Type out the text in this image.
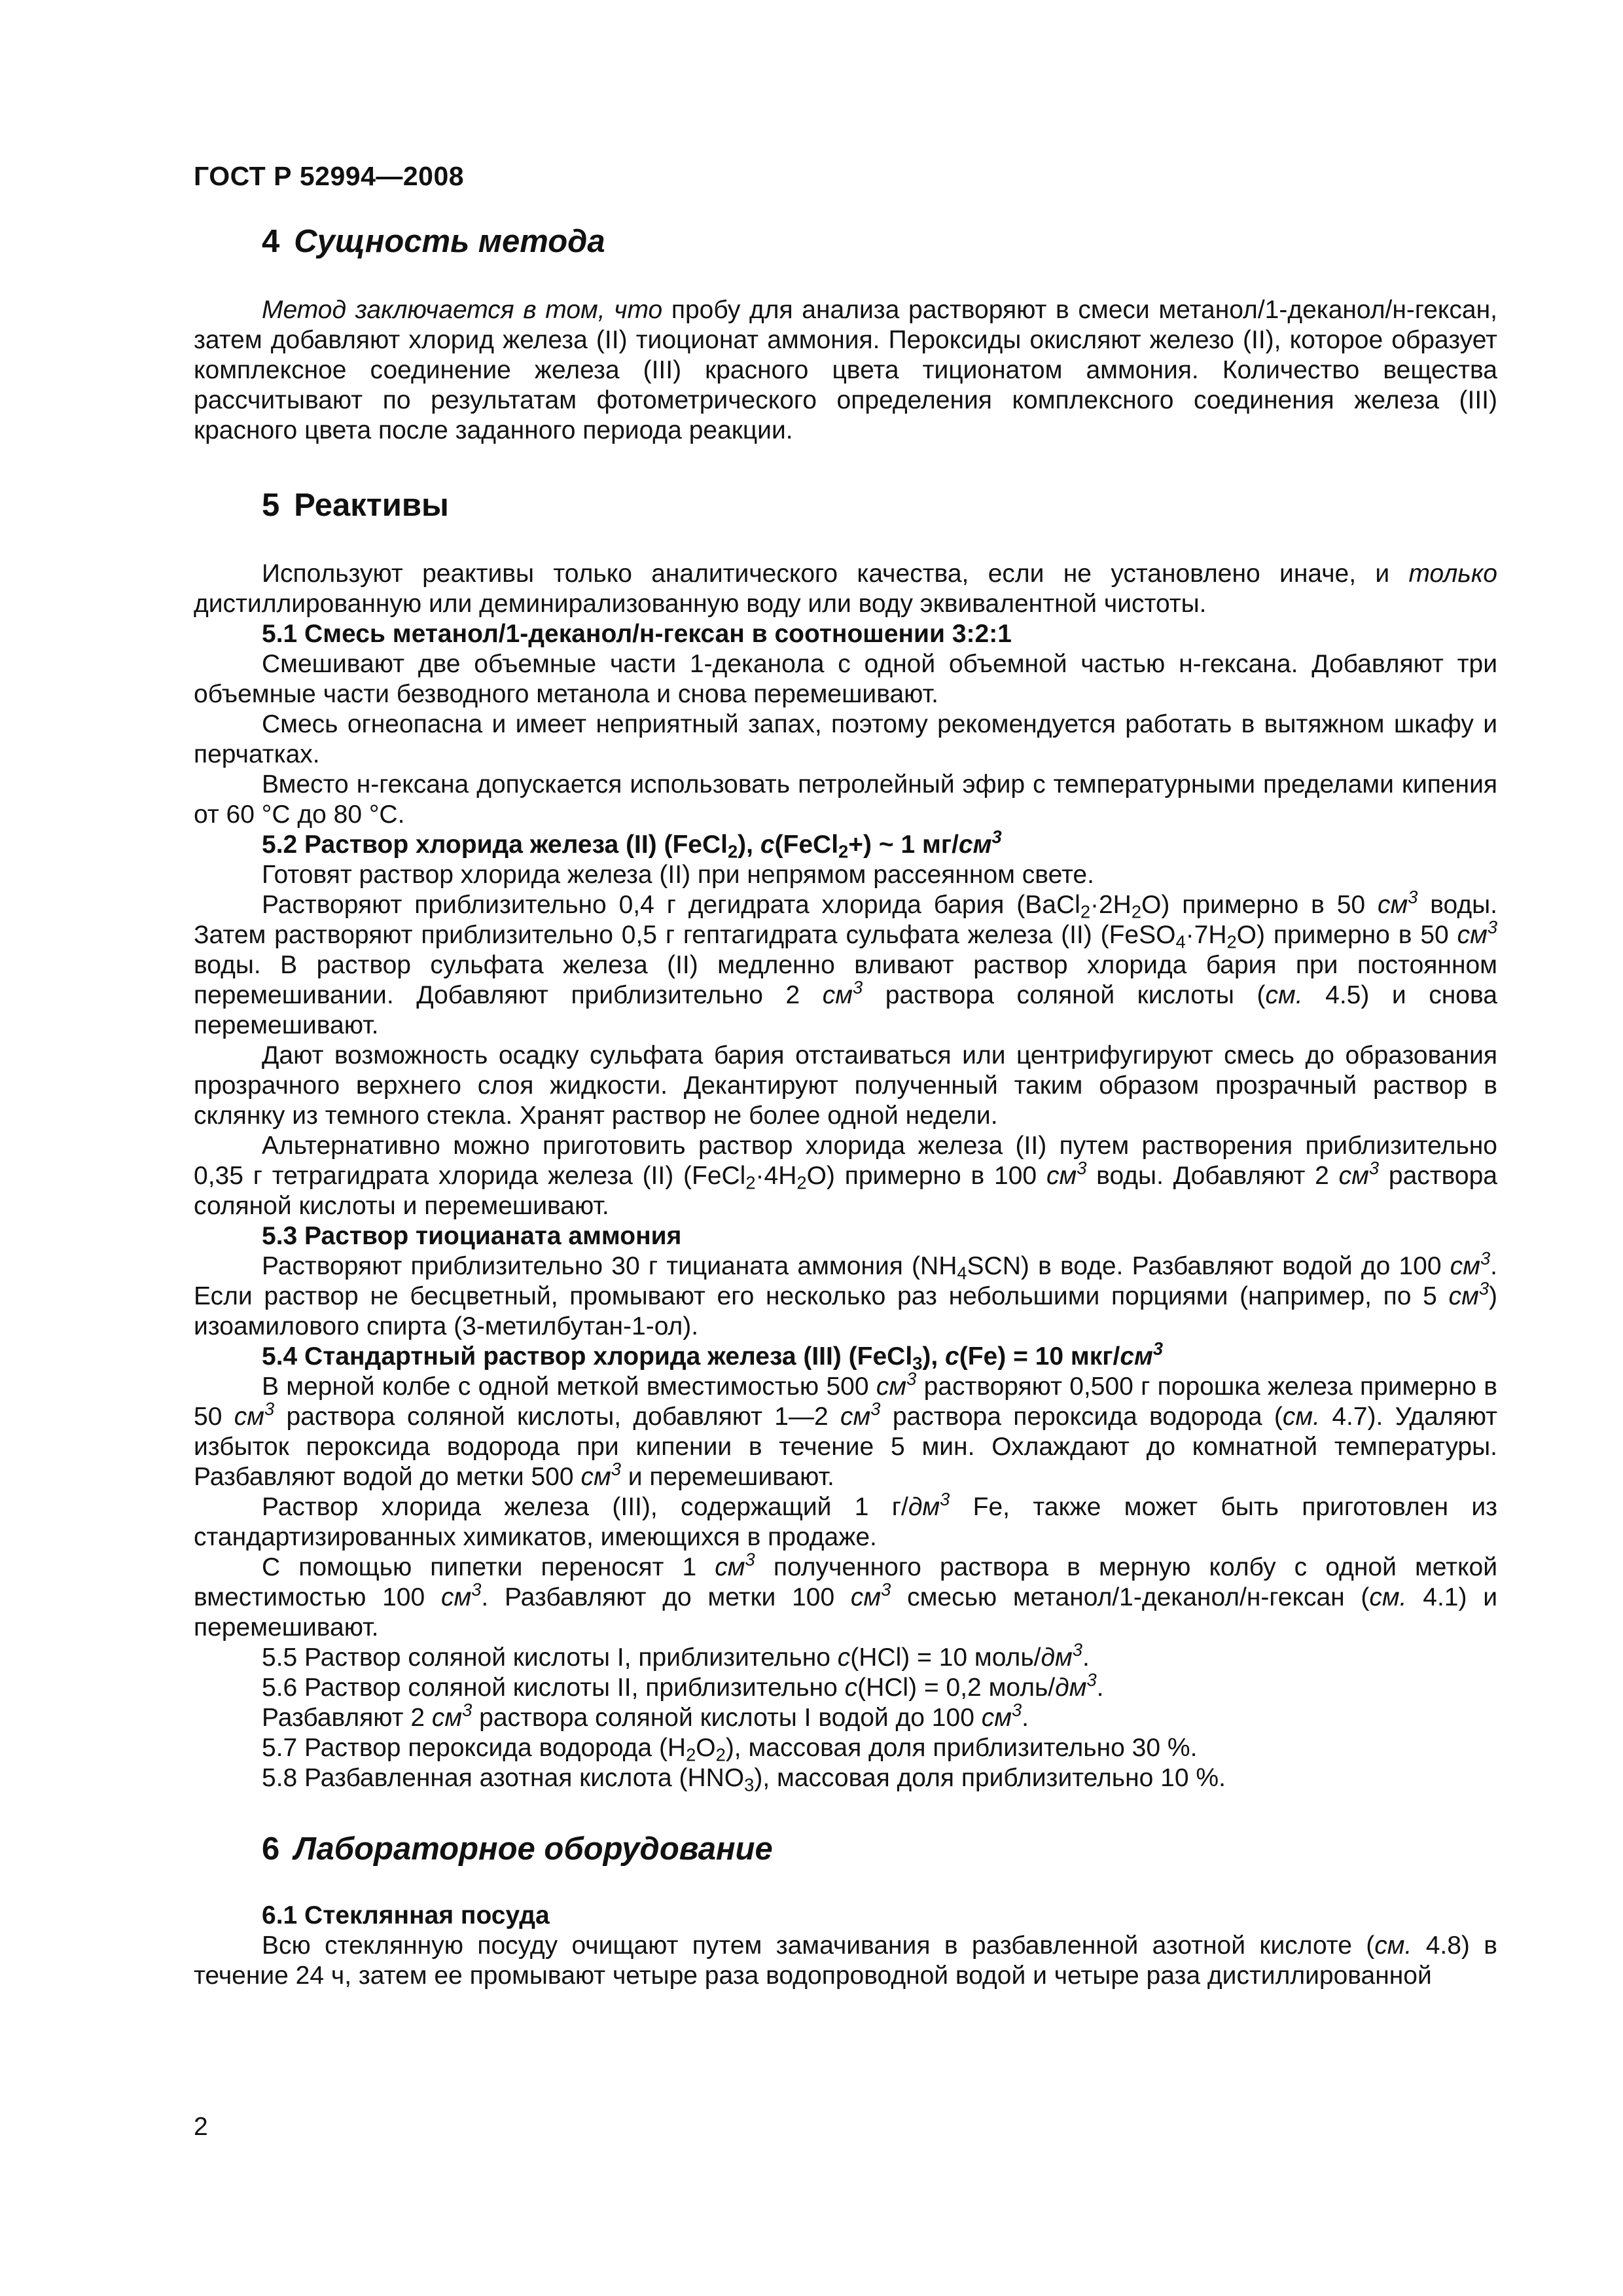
ГОСТ Р 52994—2008
4 Сущность метода

Метод заключается в том, что пробу для анализа растворяют в смеси метанол/1-деканол/н-гексан, затем добавляют хлорид железа (II) тиоционат аммония. Пероксиды окисляют железо (II), которое образует комплексное соединение железа (III) красного цвета тиционатом аммония. Количество вещества рассчитывают по результатам фотометрического определения комплексного соединения железа (III) красного цвета после заданного периода реакции.

5 Реактивы

Используют реактивы только аналитического качества, если не установлено иначе, и только дистиллированную или деминирализованную воду или воду эквивалентной чистоты.

5.1 Смесь метанол/1-деканол/н-гексан в соотношении 3:2:1

Смешивают две объемные части 1-деканола с одной объемной частью н-гексана. Добавляют три объемные части безводного метанола и снова перемешивают.

Смесь огнеопасна и имеет неприятный запах, поэтому рекомендуется работать в вытяжном шкафу и перчатках.

Вместо н-гексана допускается использовать петролейный эфир с температурными пределами кипения от 60 °С до 80 °С.

5.2 Раствор хлорида железа (II) (FeCl$_2$), c(FeCl$_2$+) ~ 1 $мг/см^3$

Готовят раствор хлорида железа (II) при непрямом рассеянном свете.

Растворяют приблизительно 0,4 г дегидрата хлорида бария $(BaCl_2\cdot 2H_2O)$ примерно в 50 $см^3$ воды. Затем растворяют приблизительно 0,5 г гептагидрата сульфата железа (II) $(FeSO_4\cdot 7H_2O)$ примерно в 50 $см^3$ воды. В раствор сульфата железа (II) медленно вливают раствор хлорида бария при постоянном перемешивании. Добавляют приблизительно 2 $см^3$ раствора соляной кислоты (см. 4.5) и снова перемешивают.

Дают возможность осадку сульфата бария отстаиваться или центрифугируют смесь до образования прозрачного верхнего слоя жидкости. Декантируют полученный таким образом прозрачный раствор в склянку из темного стекла. Хранят раствор не более одной недели.

Альтернативно можно приготовить раствор хлорида железа (II) путем растворения приблизительно 0,35 г тетрагидрата хлорида железа (II) $(FeCl_2\cdot 4H_2O)$ примерно в 100 $см^3$ воды. Добавляют 2 $см^3$ раствора соляной кислоты и перемешивают.

5.3 Раствор тиоцианата аммония

Растворяют приблизительно 30 г тицианата аммония $(NH_4SCN)$ в воде. Разбавляют водой до 100 $см^3$. Если раствор не бесцветный, промывают его несколько раз небольшими порциями (например, по 5 $см^3$) изоамилового спирта (3-метилбутан-1-ол).

5.4 Стандартный раствор хлорида железа (III) (FeCl$_3$), c(Fe) = 10 мкг/$см^3$

В мерной колбе с одной меткой вместимостью 500 $см^3$ растворяют 0,500 г порошка железа примерно в 50 $см^3$ раствора соляной кислоты, добавляют 1—2 $см^3$ раствора пероксида водорода (см. 4.7). Удаляют избыток пероксида водорода при кипении в течение 5 мин. Охлаждают до комнатной температуры. Разбавляют водой до метки 500 $см^3$ и перемешивают.

Раствор хлорида железа (III), содержащий 1 $г/дм^3$ Fe, также может быть приготовлен из стандартизированных химикатов, имеющихся в продаже.

С помощью пипетки переносят 1 $см^3$ полученного раствора в мерную колбу с одной меткой вместимостью 100 $см^3$. Разбавляют до метки 100 $см^3$ смесью метанол/1-деканол/н-гексан (см. 4.1) и перемешивают.

5.5 Раствор соляной кислоты I, приблизительно c(HCl) = 10 моль/$дм^3$.

5.6 Раствор соляной кислоты II, приблизительно c(HCl) = 0,2 моль/$дм^3$.

Разбавляют 2 $см^3$ раствора соляной кислоты I водой до 100 $см^3$.

5.7 Раствор пероксида водорода $(H_2O_2)$, массовая доля приблизительно 30 %.

5.8 Разбавленная азотная кислота $(HNO_3)$, массовая доля приблизительно 10 %.

6 Лабораторное оборудование

6.1 Стеклянная посуда

Всю стеклянную посуду очищают путем замачивания в разбавленной азотной кислоте (см. 4.8) в течение 24 ч, затем ее промывают четыре раза водопроводной водой и четыре раза дистиллированной

2
